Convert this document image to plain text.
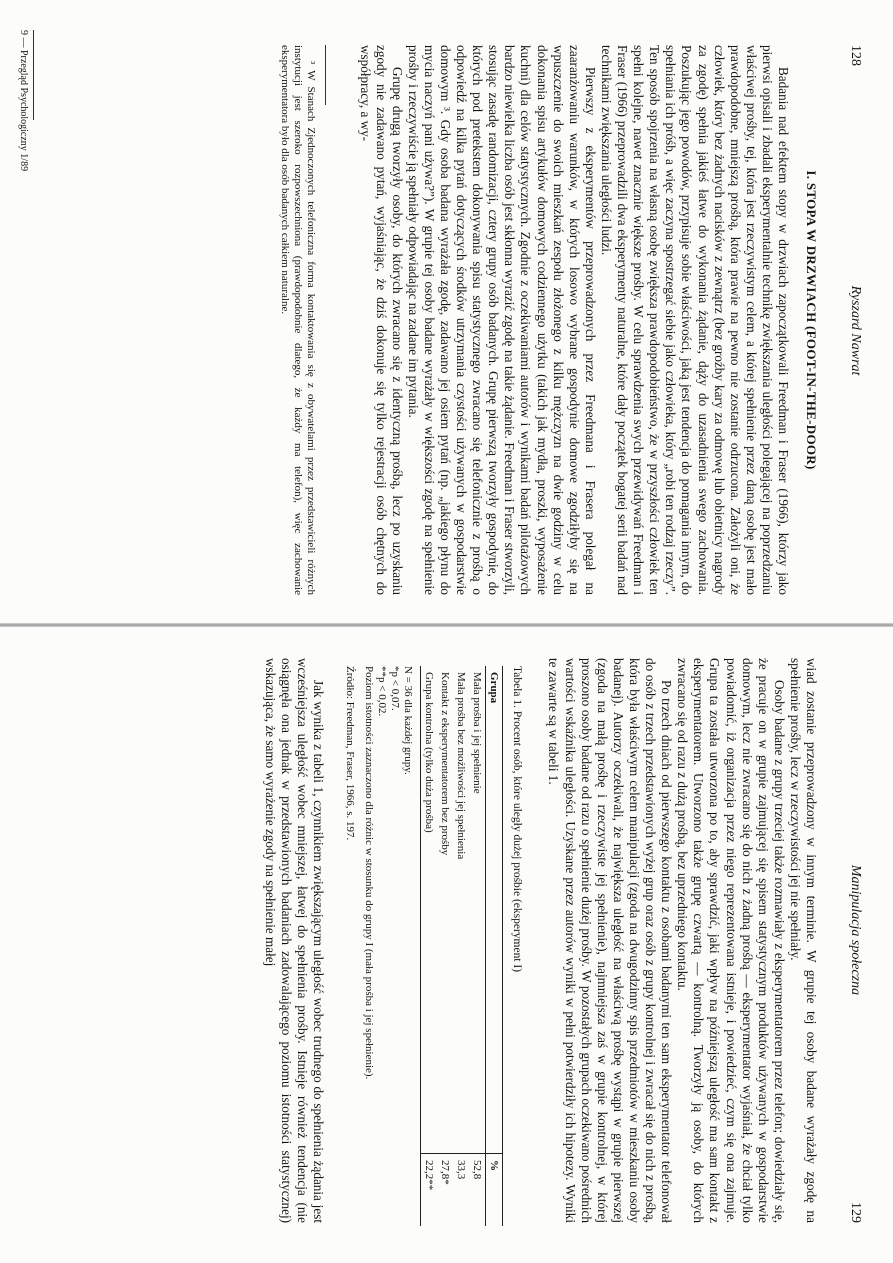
128
Ryszard Nawrat
I. STOPA W DRZWIACH (FOOT-IN-THE-DOOR)

Badania nad efektem stopy w drzwiach zapoczątkowali Freedman i Fraser (1966), którzy jako pierwsi opisali i zbadali eksperymentalnie technikę zwiększania uległości polegającej na poprzedzaniu właściwej prośby, tej, która jest rzeczywistym celem, a której spełnienie przez daną osobę jest mało prawdopodobne, mniejszą prośbą, która prawie na pewno nie zostanie odrzucona. Założyli oni, że człowiek, który bez żadnych nacisków z zewnątrz (bez groźby kary za odmowę lub obietnicy nagrody za zgodę) spełnia jakieś łatwe do wykonania żądanie, dąży do uzasadnienia swego zachowania. Poszukując jego powodów, przypisuje sobie właściwości, jaką jest tendencja do pomagania innym, do spełniania ich próśb, a więc zaczyna spostrzegać siebie jako człowieka, który „robi ten rodzaj rzeczy”. Ten sposób spojrzenia na własną osobę zwiększa prawdopodobieństwo, że w przyszłości człowiek ten spełni kolejne, nawet znacznie większe prośby. W celu sprawdzenia swych przewidywań Freedman i Fraser (1966) przeprowadzili dwa eksperymenty naturalne, które dały początek bogatej serii badań nad technikami zwiększania uległości ludzi.

Pierwszy z eksperymentów przeprowadzonych przez Freedmana i Frasera polegał na zaaranżowaniu warunków, w których losowo wybrane gospodynie domowe zgodziłyby się na wpuszczenie do swoich mieszkań zespołu złożonego z kilku mężczyzn na dwie godziny w celu dokonania spisu artykułów domowych codziennego użytku (takich jak mydła, proszki, wyposażenie kuchni) dla celów statystycznych. Zgodnie z oczekiwaniami autorów i wynikami badań pilotażowych bardzo niewielka liczba osób jest skłonna wyrazić zgodę na takie żądanie. Freedman i Fraser stworzyli, stosując zasadę randomizacji, cztery grupy osób badanych. Grupę pierwszą tworzyły gospodynie, do których pod pretekstem dokonywania spisu statystycznego zwracano się telefonicznie z prośbą o odpowiedź na kilka pytań dotyczących środków utrzymania czystości używanych w gospodarstwie domowym ³. Gdy osoba badana wyrażała zgodę, zadawano jej osiem pytań (np. „jakiego płynu do mycia naczyń pani używa?”). W grupie tej osoby badane wyrażały w większości zgodę na spełnienie prośby i rzeczywiście ją spełniały odpowiadając na zadane im pytania.

Grupę drugą tworzyły osoby, do których zwracano się z identyczną prośbą, lecz po uzyskaniu zgody nie zadawano pytań, wyjaśniając, że dziś dokonuje się tylko rejestracji osób chętnych do współpracy, a wy-

³ W Stanach Zjednoczonych telefoniczna forma kontaktowania się z obywatelami przez przedstawicieli różnych instytucji jest szeroko rozpowszechniona (prawdopodobnie dlatego, że każdy ma telefon), więc zachowanie eksperymentatora było dla osób badanych całkiem naturalne.

Manipulacja społeczna
129

wiad zostanie przeprowadzony w innym terminie. W grupie tej osoby badane wyrażały zgodę na spełnienie prośby, lecz w rzeczywistości jej nie spełniały.

Osoby badane z grupy trzeciej także rozmawiały z eksperymentatorem przez telefon; dowiedziały się, że pracuje on w grupie zajmującej się spisem statystycznym produktów używanych w gospodarstwie domowym, lecz nie zwracano się do nich z żadną prośbą — eksperymentator wyjaśniał, że chciał tylko powiadomić, iż organizacja przez niego reprezentowana istnieje, i powiedzieć, czym się ona zajmuje. Grupa ta została utworzona po to, aby sprawdzić, jaki wpływ na późniejszą uległość ma sam kontakt z eksperymentatorem. Utworzono także grupę czwartą — kontrolną. Tworzyły ją osoby, do których zwracano się od razu z dużą prośbą, bez uprzedniego kontaktu.

Po trzech dniach od pierwszego kontaktu z osobami badanymi ten sam eksperymentator telefonował do osób z trzech przedstawionych wyżej grup oraz osób z grupy kontrolnej i zwracał się do nich z prośbą, która była właściwym celem manipulacji (zgoda na dwugodzinny spis przedmiotów w mieszkaniu osoby badanej). Autorzy oczekiwali, że największa uległość na właściwą prośbę wystąpi w grupie pierwszej (zgoda na małą prośbę i rzeczywiste jej spełnienie), najmniejsza zaś w grupie kontrolnej, w której proszono osoby badane od razu o spełnienie dużej prośby. W pozostałych grupach oczekiwano pośrednich wartości wskaźnika uległości. Uzyskane przez autorów wyniki w pełni potwierdziły ich hipotezy. Wyniki te zawarte są w tabeli 1.

Tabela 1. Procent osób, które uległy dużej prośbie (eksperyment I)
Grupa	%
Mała prośba i jej spełnienie	52,8
Mała prośba bez możliwości jej spełnienia	33,3
Kontakt z eksperymentatorem bez prośby	27,8*
Grupa kontrolna (tylko duża prośba)	22,2**
N = 36 dla każdej grupy.
*p < 0,07.
**p < 0,02.
Poziom istotności zaznaczono dla różnic w stosunku do grupy I (mała prośba i jej spełnienie).
Źródło: Freedman, Fraser, 1966, s. 197.

Jak wynika z tabeli 1, czynnikiem zwiększającym uległość wobec trudnego do spełnienia żądania jest wcześniejsza uległość wobec mniejszej, łatwej do spełnienia prośby. Istnieje również tendencja (nie osiągnęła ona jednak w przedstawionych badaniach zadowalającego poziomu istotności statystycznej) wskazująca, że samo wyrażenie zgody na spełnienie małej

9 — Przegląd Psychologiczny 1/89
